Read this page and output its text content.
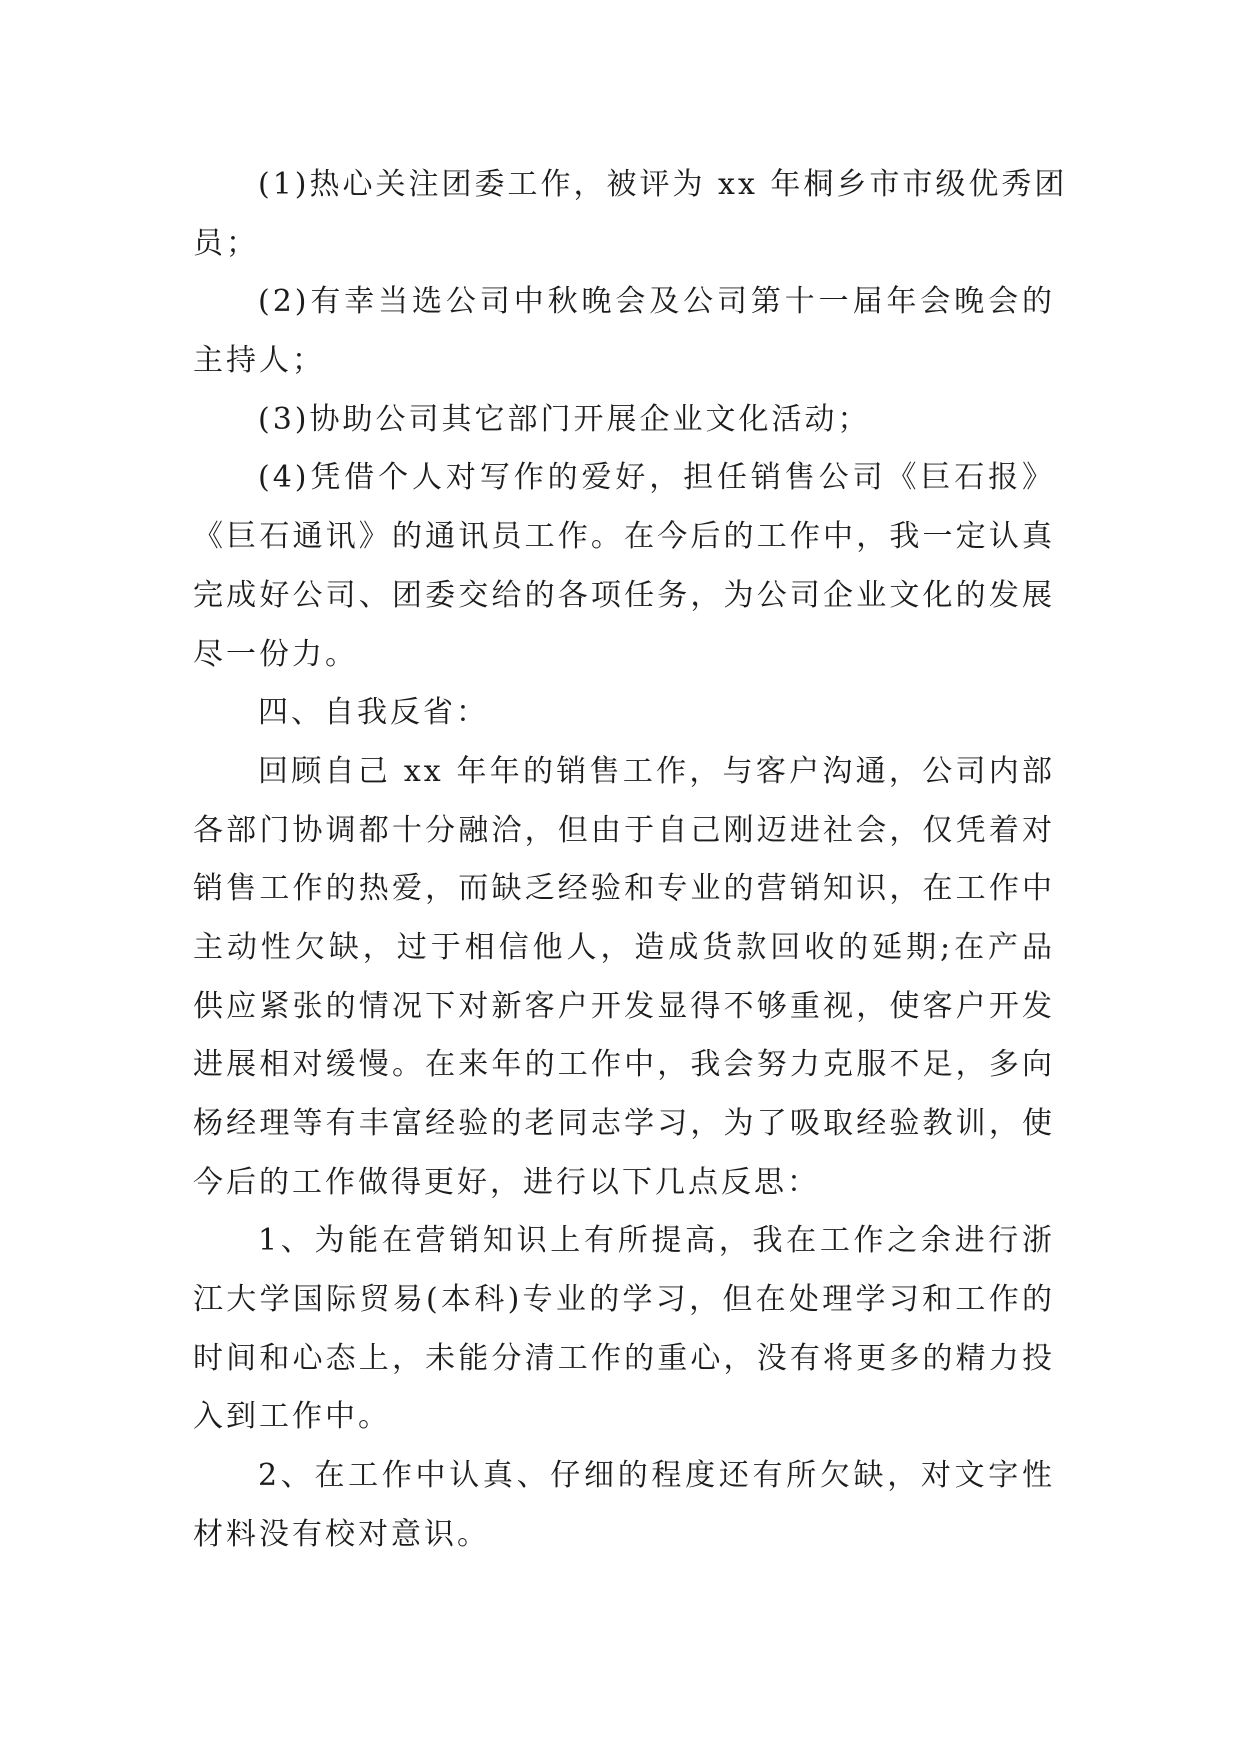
(1)热心关注团委工作，被评为 xx 年桐乡市市级优秀团
员；
(2)有幸当选公司中秋晚会及公司第十一届年会晚会的
主持人；
(3)协助公司其它部门开展企业文化活动；
(4)凭借个人对写作的爱好，担任销售公司《巨石报》
《巨石通讯》的通讯员工作。在今后的工作中，我一定认真
完成好公司、团委交给的各项任务，为公司企业文化的发展
尽一份力。
四、自我反省：
回顾自己 xx 年年的销售工作，与客户沟通，公司内部
各部门协调都十分融洽，但由于自己刚迈进社会，仅凭着对
销售工作的热爱，而缺乏经验和专业的营销知识，在工作中
主动性欠缺，过于相信他人，造成货款回收的延期;在产品
供应紧张的情况下对新客户开发显得不够重视，使客户开发
进展相对缓慢。在来年的工作中，我会努力克服不足，多向
杨经理等有丰富经验的老同志学习，为了吸取经验教训，使
今后的工作做得更好，进行以下几点反思：
1、为能在营销知识上有所提高，我在工作之余进行浙
江大学国际贸易(本科)专业的学习，但在处理学习和工作的
时间和心态上，未能分清工作的重心，没有将更多的精力投
入到工作中。
2、在工作中认真、仔细的程度还有所欠缺，对文字性
材料没有校对意识。
